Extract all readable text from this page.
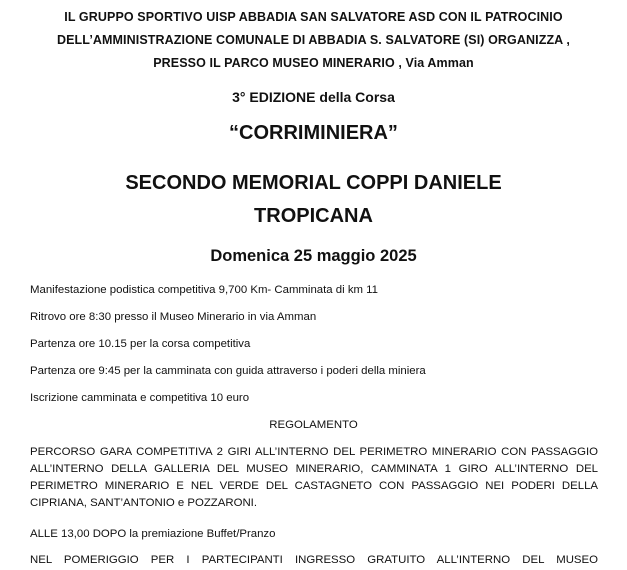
IL GRUPPO SPORTIVO UISP ABBADIA SAN SALVATORE ASD CON IL PATROCINIO
DELL’AMMINISTRAZIONE COMUNALE DI ABBADIA S. SALVATORE (SI) ORGANIZZA ,
PRESSO IL PARCO MUSEO MINERARIO , Via Amman
3° EDIZIONE della Corsa
“CORRIMINIERA”
SECONDO MEMORIAL COPPI DANIELE
TROPICANA
Domenica 25 maggio 2025
Manifestazione podistica competitiva 9,700 Km- Camminata di km 11
Ritrovo ore 8:30 presso il Museo Minerario in via Amman
Partenza ore 10.15 per la corsa competitiva
Partenza ore 9:45 per la camminata con guida attraverso i poderi della miniera
Iscrizione camminata e competitiva 10 euro
REGOLAMENTO
PERCORSO GARA COMPETITIVA 2 GIRI ALL’INTERNO DEL PERIMETRO MINERARIO CON PASSAGGIO
ALL’INTERNO DELLA GALLERIA DEL MUSEO MINERARIO, CAMMINATA 1 GIRO ALL’INTERNO DEL
PERIMETRO MINERARIO E NEL VERDE DEL CASTAGNETO CON PASSAGGIO NEI PODERI DELLA
CIPRIANA, SANT’ANTONIO e POZZARONI.
ALLE 13,00 DOPO la premiazione Buffet/Pranzo
NEL POMERIGGIO PER I PARTECIPANTI INGRESSO GRATUITO ALL’INTERNO DEL MUSEO
